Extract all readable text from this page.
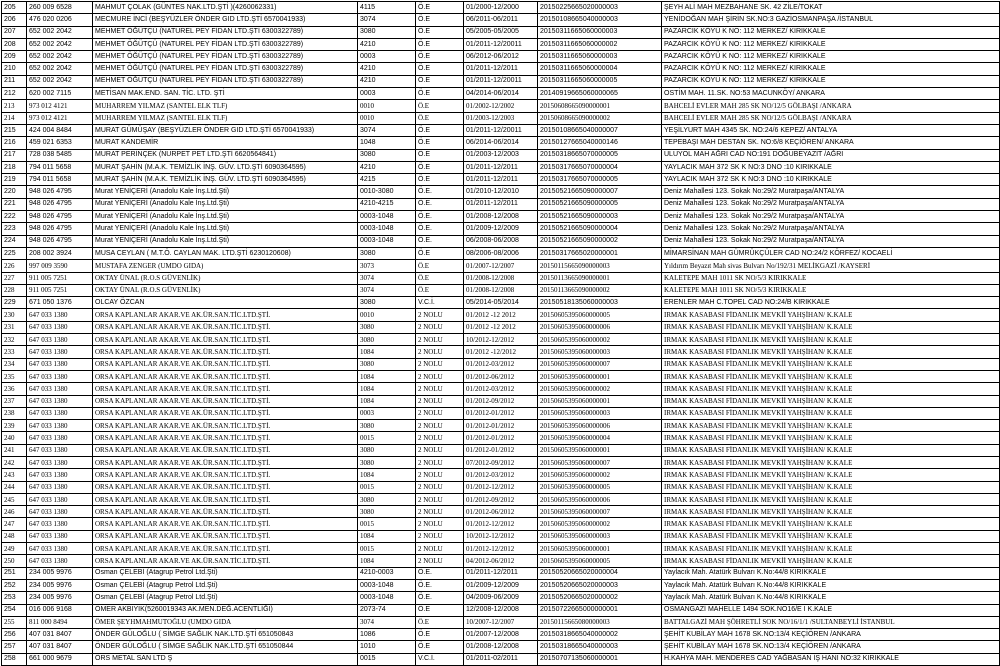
205	260 009 6528	MAHMUT ÇOLAK (GÜNTES NAK.LTD.ŞTİ )(4260062331)	4115	Ö.E	01/2000-12/2000	20150225665020000003	ŞEYH ALİ MAH MEZBAHANE SK. 42 ZİLE/TOKAT
206	476 020 0206	MECMURE İNCİ (BEŞYÜZLER ÖNDER GID LTD.ŞTİ 6570041933)	3074	Ö.E	06/2011-06/2011	20150108665040000003	YENİDOĞAN MAH ŞİRİN SK.NO:3 GAZİOSMANPAŞA /İSTANBUL
207	652 002 2042	MEHMET ÖĞÜTÇÜ (NATUREL PEY FİDAN LTD.ŞTİ 6300322789)	3080	Ö.E	05/2005-05/2005	20150311665060000003	PAZARCIK KÖYÜ K NO: 112 MERKEZ/ KIRIKKALE
208	652 002 2042	MEHMET ÖĞÜTÇÜ (NATUREL PEY FİDAN LTD.ŞTİ 6300322789)	4210	Ö.E	01/2011-12/20011	20150311665060000002	PAZARCIK KÖYÜ K NO: 112 MERKEZ/ KIRIKKALE
209	652 002 2042	MEHMET ÖĞÜTÇÜ (NATUREL PEY FİDAN LTD.ŞTİ 6300322789)	0003	Ö.E	06/2012-06/2012	20150311665060000003	PAZARCIK KÖYÜ K NO: 112 MERKEZ/ KIRIKKALE
210	652 002 2042	MEHMET ÖĞÜTÇÜ (NATUREL PEY FİDAN LTD.ŞTİ 6300322789)	4210	Ö.E	01/2011-12/2011	20150311665060000004	PAZARCIK KÖYÜ K NO: 112 MERKEZ/ KIRIKKALE
211	652 002 2042	MEHMET ÖĞÜTÇÜ (NATUREL PEY FİDAN LTD.ŞTİ 6300322789)	4210	Ö.E	01/2011-12/20011	20150311665060000005	PAZARCIK KÖYÜ K NO: 112 MERKEZ/ KIRIKKALE
212	620 002 7115	METİSAN MAK.END. SAN. TİC. LTD. ŞTİ	0003	Ö.E	04/2014-06/2014	20140919665060000065	OSTİM MAH. 11.SK. NO:53 MACUNKÖY/ ANKARA
213	973 012 4121	MUHARREM YILMAZ (SANTEL ELK TLF)	0010	Ö.E	01/2002-12/2002	20150608665090000001	BAHCELİ EVLER MAH 285 SK NO/12/5 GÖLBAŞI /ANKARA
214	973 012 4121	MUHARREM YILMAZ (SANTEL ELK TLF)	0010	Ö.E	01/2003-12/2003	20150608665090000002	BAHCELİ EVLER MAH 285 SK NO/12/5 GÖLBAŞI /ANKARA
215	424 004 8484	MURAT GÜMÜŞAY (BEŞYÜZLER ÖNDER GID LTD.ŞTİ 6570041933)	3074	Ö.E	01/2011-12/20011	20150108665040000007	YEŞİLYURT MAH 4345 SK. NO:24/6 KEPEZ/ ANTALYA
216	459 021 6353	MURAT KANDEMİR	1048	Ö.E	06/2014-06/2014	20150127665040000146	TEPEBAŞI MAH DESTAN SK. NO:6/8 KEÇİÖREN/ ANKARA
217	728 038 5485	MURAT PERİNÇEK (NURPET PET LTD.ŞTİ 6620564841)	3080	Ö.E	01/2003-12/2003	20150318665070000005	ULUYOL MAH AĞRI CAD NO:191 DOĞUBEYAZIT /AĞRI
218	794 011 5658	MURAT ŞAHİN (M.A.K. TEMİZLİK İNŞ. GÜV. LTD.ŞTİ 6090364595)	4210	Ö.E	01/2011-12/2011	20150317665070000004	YAYLACIK MAH 372 SK K NO:3 DNO :10 KIRIKKALE
219	794 011 5658	MURAT ŞAHİN (M.A.K. TEMİZLİK İNŞ. GÜV. LTD.ŞTİ 6090364595)	4215	Ö.E	01/2011-12/2011	20150317665070000005	YAYLACIK MAH 372 SK K NO:3 DNO :10 KIRIKKALE
220	948 026 4795	Murat YENİÇERİ (Anadolu Kale İnş.Ltd.Şti)	0010-3080	Ö.E.	01/2010-12/2010	20150521665090000007	Deniz Mahallesi 123. Sokak No:29/2 Muratpaşa/ANTALYA
221	948 026 4795	Murat YENİÇERİ (Anadolu Kale İnş.Ltd.Şti)	4210-4215	Ö.E.	01/2011-12/2011	20150521665090000005	Deniz Mahallesi 123. Sokak No:29/2 Muratpaşa/ANTALYA
222	948 026 4795	Murat YENİÇERİ (Anadolu Kale İnş.Ltd.Şti)	0003-1048	Ö.E.	01/2008-12/2008	20150521665090000003	Deniz Mahallesi 123. Sokak No:29/2 Muratpaşa/ANTALYA
223	948 026 4795	Murat YENİÇERİ (Anadolu Kale İnş.Ltd.Şti)	0003-1048	Ö.E.	01/2009-12/2009	20150521665090000004	Deniz Mahallesi 123. Sokak No:29/2 Muratpaşa/ANTALYA
224	948 026 4795	Murat YENİÇERİ (Anadolu Kale İnş.Ltd.Şti)	0003-1048	Ö.E.	06/2008-06/2008	20150521665090000002	Deniz Mahallesi 123. Sokak No:29/2 Muratpaşa/ANTALYA
225	208 002 3924	MUSA CEYLAN ( M.T.Ö. CAYLAN MAK. LTD.ŞTİ 6230120608)	3080	Ö.E	08/2006-08/2006	20150317665020000001	MİMARSİNAN MAH GÜMRÜKÇÜLER CAD NO:24/2 KÖRFEZ/ KOCAELİ
226	997 009 3590	MUSTAFA ZENGER (UMDO GIDA)	3073	Ö.E	01/2007-12/2007	20150115665090000003	Yıldırım Beyazıt Mah sivas Bulvarı No/192/31 MELİKGAZİ /KAYSERİ
227	911 005 7251	OKTAY ÜNAL (R.O.S GÜVENLİK)	3074	Ö.E	01/2008-12/2008	20150113665090000001	KALETEPE MAH 1011 SK NO/5/3 KIRIKKALE
228	911 005 7251	OKTAY ÜNAL (R.O.S GÜVENLİK)	3074	Ö.E	01/2008-12/2008	20150113665090000002	KALETEPE MAH 1011 SK NO/5/3 KIRIKKALE
229	671 050 1376	OLCAY ÖZCAN	3080	V.C.İ.	05/2014-05/2014	20150518135060000003	ERENLER MAH C.TOPEL CAD NO:24/B KIRIKKALE
230	647 033 1380	ORSA KAPLANLAR AKAR.VE AK.ÜR.SAN.TİC.LTD.ŞTİ.	0010	2 NOLU	01/2012 -12 2012	20150605395060000005	IRMAK KASABASI FİDANLIK MEVKİİ YAHŞİHAN/ K.KALE
231	647 033 1380	ORSA KAPLANLAR AKAR.VE AK.ÜR.SAN.TİC.LTD.ŞTİ.	3080	2 NOLU	01/2012 -12 2012	20150605395060000006	IRMAK KASABASI FİDANLIK MEVKİİ YAHŞİHAN/ K.KALE
232	647 033 1380	ORSA KAPLANLAR AKAR.VE AK.ÜR.SAN.TİC.LTD.ŞTİ.	3080	2 NOLU	10/2012-12/2012	20150605395060000002	IRMAK KASABASI FİDANLIK MEVKİİ YAHŞİHAN/ K.KALE
233	647 033 1380	ORSA KAPLANLAR AKAR.VE AK.ÜR.SAN.TİC.LTD.ŞTİ.	1084	2 NOLU	01/2012 -12/2012	20150605395060000003	IRMAK KASABASI FİDANLIK MEVKİİ YAHŞİHAN/ K.KALE
234	647 033 1380	ORSA KAPLANLAR AKAR.VE AK.ÜR.SAN.TİC.LTD.ŞTİ.	3080	2 NOLU	01/2012-03/2012	20150605395060000007	IRMAK KASABASI FİDANLIK MEVKİİ YAHŞİHAN/ K.KALE
235	647 033 1380	ORSA KAPLANLAR AKAR.VE AK.ÜR.SAN.TİC.LTD.ŞTİ.	1084	2 NOLU	01/2012-06/2012	20150605395060000001	IRMAK KASABASI FİDANLIK MEVKİİ YAHŞİHAN/ K.KALE
236	647 033 1380	ORSA KAPLANLAR AKAR.VE AK.ÜR.SAN.TİC.LTD.ŞTİ.	1084	2 NOLU	01/2012-03/2012	20150605395060000002	IRMAK KASABASI FİDANLIK MEVKİİ YAHŞİHAN/ K.KALE
237	647 033 1380	ORSA KAPLANLAR AKAR.VE AK.ÜR.SAN.TİC.LTD.ŞTİ.	1084	2 NOLU	01/2012-09/2012	20150605395060000001	IRMAK KASABASI FİDANLIK MEVKİİ YAHŞİHAN/ K.KALE
238	647 033 1380	ORSA KAPLANLAR AKAR.VE AK.ÜR.SAN.TİC.LTD.ŞTİ.	0003	2 NOLU	01/2012-01/2012	20150605395060000003	IRMAK KASABASI FİDANLIK MEVKİİ YAHŞİHAN/ K.KALE
239	647 033 1380	ORSA KAPLANLAR AKAR.VE AK.ÜR.SAN.TİC.LTD.ŞTİ.	3080	2 NOLU	01/2012-01/2012	20150605395060000006	IRMAK KASABASI FİDANLIK MEVKİİ YAHŞİHAN/ K.KALE
240	647 033 1380	ORSA KAPLANLAR AKAR.VE AK.ÜR.SAN.TİC.LTD.ŞTİ.	0015	2 NOLU	01/2012-01/2012	20150605395060000004	IRMAK KASABASI FİDANLIK MEVKİİ YAHŞİHAN/ K.KALE
241	647 033 1380	ORSA KAPLANLAR AKAR.VE AK.ÜR.SAN.TİC.LTD.ŞTİ.	3080	2 NOLU	01/2012-01/2012	20150605395060000001	IRMAK KASABASI FİDANLIK MEVKİİ YAHŞİHAN/ K.KALE
242	647 033 1380	ORSA KAPLANLAR AKAR.VE AK.ÜR.SAN.TİC.LTD.ŞTİ.	3080	2 NOLU	07/2012-09/2012	20150605395060000007	IRMAK KASABASI FİDANLIK MEVKİİ YAHŞİHAN/ K.KALE
243	647 033 1380	ORSA KAPLANLAR AKAR.VE AK.ÜR.SAN.TİC.LTD.ŞTİ.	1084	2 NOLU	01/2012-03/2012	20150605395060000002	IRMAK KASABASI FİDANLIK MEVKİİ YAHŞİHAN/ K.KALE
244	647 033 1380	ORSA KAPLANLAR AKAR.VE AK.ÜR.SAN.TİC.LTD.ŞTİ.	0015	2 NOLU	01/2012-12/2012	20150605395060000005	IRMAK KASABASI FİDANLIK MEVKİİ YAHŞİHAN/ K.KALE
245	647 033 1380	ORSA KAPLANLAR AKAR.VE AK.ÜR.SAN.TİC.LTD.ŞTİ.	3080	2 NOLU	01/2012-09/2012	20150605395060000006	IRMAK KASABASI FİDANLIK MEVKİİ YAHŞİHAN/ K.KALE
246	647 033 1380	ORSA KAPLANLAR AKAR.VE AK.ÜR.SAN.TİC.LTD.ŞTİ.	3080	2 NOLU	01/2012-06/2012	20150605395060000007	IRMAK KASABASI FİDANLIK MEVKİİ YAHŞİHAN/ K.KALE
247	647 033 1380	ORSA KAPLANLAR AKAR.VE AK.ÜR.SAN.TİC.LTD.ŞTİ.	0015	2 NOLU	01/2012-12/2012	20150605395060000002	IRMAK KASABASI FİDANLIK MEVKİİ YAHŞİHAN/ K.KALE
248	647 033 1380	ORSA KAPLANLAR AKAR.VE AK.ÜR.SAN.TİC.LTD.ŞTİ.	1084	2 NOLU	10/2012-12/2012	20150605395060000003	IRMAK KASABASI FİDANLIK MEVKİİ YAHŞİHAN/ K.KALE
249	647 033 1380	ORSA KAPLANLAR AKAR.VE AK.ÜR.SAN.TİC.LTD.ŞTİ.	0015	2 NOLU	01/2012-12/2012	20150605395060000001	IRMAK KASABASI FİDANLIK MEVKİİ YAHŞİHAN/ K.KALE
250	647 033 1380	ORSA KAPLANLAR AKAR.VE AK.ÜR.SAN.TİC.LTD.ŞTİ.	1084	2 NOLU	04/2012-06/2012	20150605395060000005	IRMAK KASABASI FİDANLIK MEVKİİ YAHŞİHAN/ K.KALE
251	234 005 9976	Osman ÇELEBİ (Atagrup Petrol Ltd.Şti)	4210-0003	Ö.E.	01/2011-12/2011	20150520665020000004	Yaylacık Mah. Atatürk Bulvarı K.No:44/8 KIRIKKALE
252	234 005 9976	Osman ÇELEBİ (Atagrup Petrol Ltd.Şti)	0003-1048	Ö.E.	01/2009-12/2009	20150520665020000003	Yaylacık Mah. Atatürk Bulvarı K.No:44/8 KIRIKKALE
253	234 005 9976	Osman ÇELEBİ (Atagrup Petrol Ltd.Şti)	0003-1048	Ö.E.	04/2009-06/2009	20150520665020000002	Yaylacık Mah. Atatürk Bulvarı K.No:44/8 KIRIKKALE
254	016 006 9168	ÖMER AKBIYIK(5260019343 AK.MEN.DEĞ.ACENTLİĞI)	2073-74	Ö.E	12/2008-12/2008	20150722665000000001	OSMANGAZİ MAHELLE 1494 SOK.NO16/E I K.KALE
255	811 000 8494	ÖMER ŞEYHMAHMUTOĞLU (UMDO GIDA	3074	Ö.E	10/2007-12/2007	20150115665080000003	BATTALGAZİ MAH ŞÖHRETLİ SOK NO/16/1/1 /SULTANBEYLİ İSTANBUL
256	407 031 8407	ÖNDER GÜLOĞLU ( SİMGE SAĞLIK NAK.LTD.ŞTİ 651050843	1086	Ö.E	01/2007-12/2008	20150318665040000002	ŞEHİT KUBİLAY MAH 1678 SK.NO:13/4 KEÇİÖREN /ANKARA
257	407 031 8407	ÖNDER GÜLOĞLU ( SİMGE SAĞLIK NAK.LTD.ŞTİ 651050844	1010	Ö.E	01/2008-12/2008	20150318665040000003	ŞEHİT KUBİLAY MAH 1678 SK.NO:13/4 KEÇİÖREN /ANKARA
258	661 000 9679	ÖRS METAL SAN LTD Ş	0015	V.C.İ.	01/2011-02/2011	20150707135060000001	H.KAHYA MAH. MENDERES CAD YAĞBASAN İŞ HANI NO:32 KIRIKKALE
